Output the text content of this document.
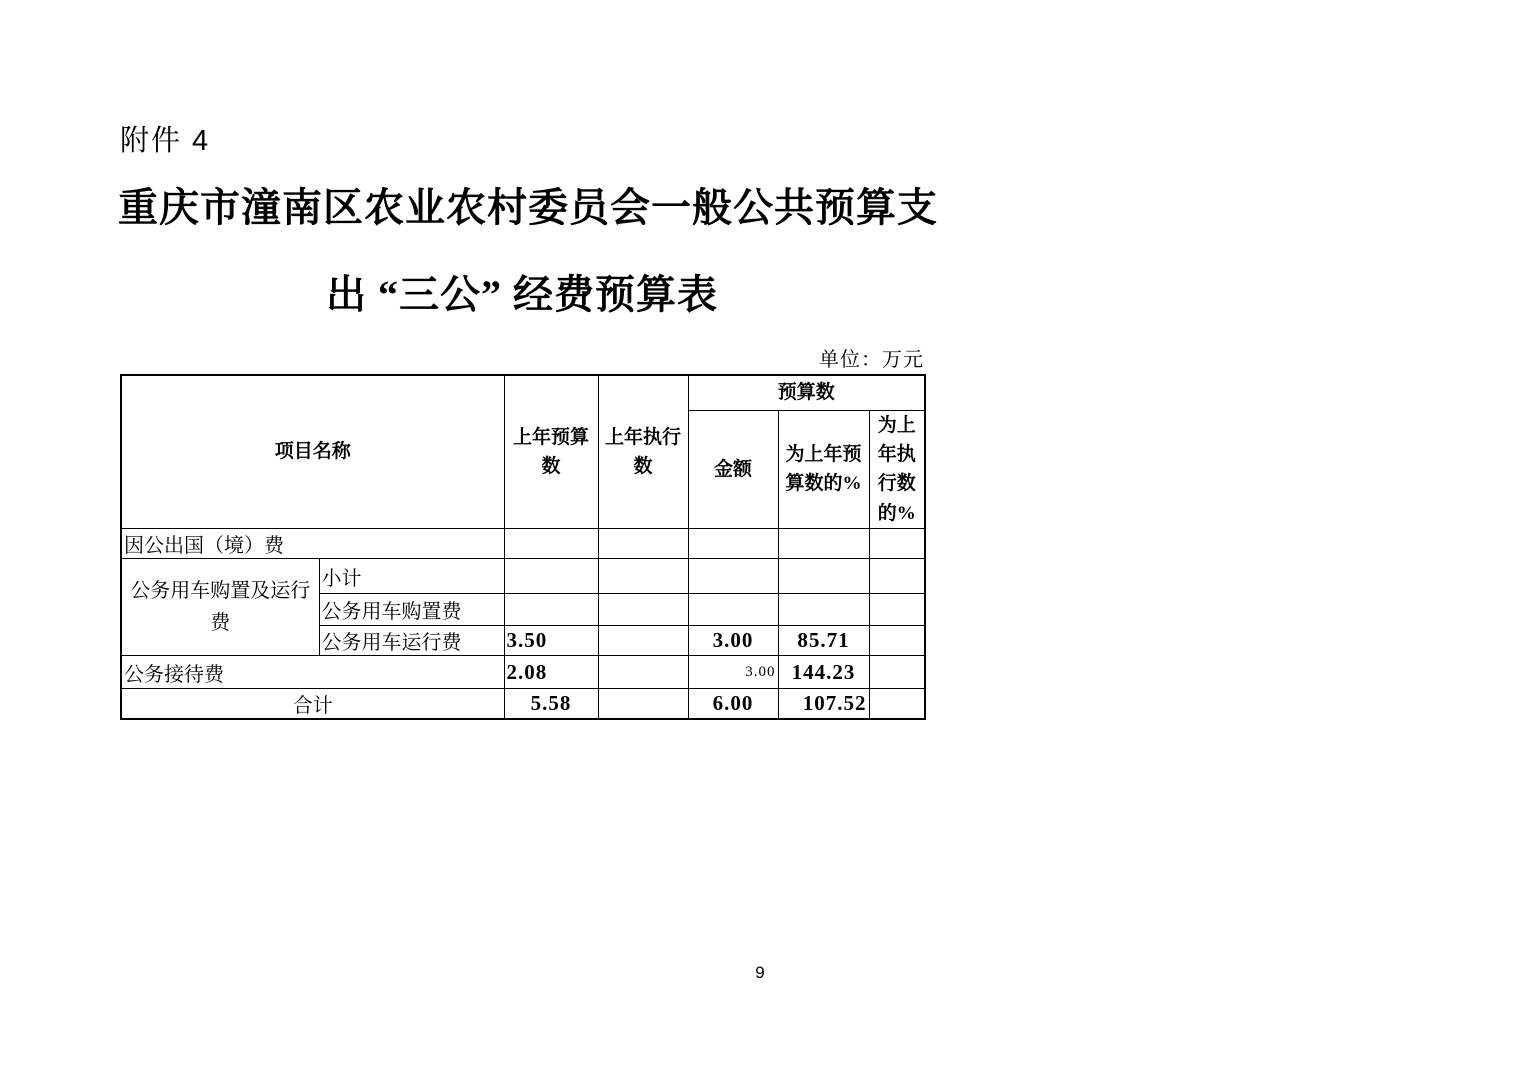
附件 4
重庆市潼南区农业农村委员会一般公共预算支
出 “三公” 经费预算表
单位：万元
项目名称		上年预算数	上年执行数	预算数		
				金额	为上年预算数的%	为上年执行数的%
因公出国（境）费						
公务用车购置及运行费	小计					
	公务用车购置费					
	公务用车运行费	3.50		3.00	85.71	
公务接待费		2.08		3.00	144.23	
合计		5.58		6.00	107.52	
9
